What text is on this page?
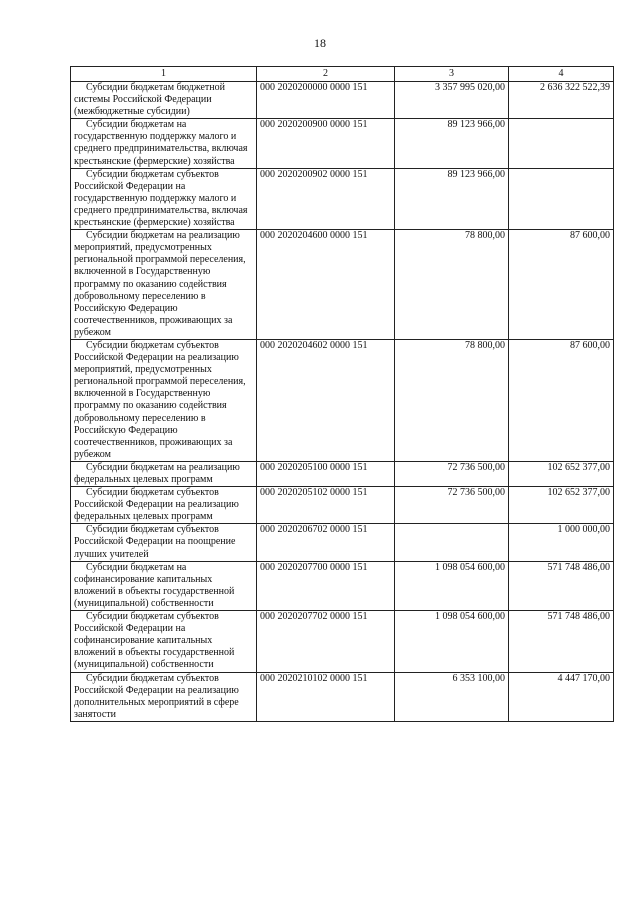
18
1	2	3	4
Субсидии бюджетам бюджетной системы Российской Федерации (межбюджетные субсидии)	000 2020200000 0000 151	3 357 995 020,00	2 636 322 522,39
Субсидии бюджетам на государственную поддержку малого и среднего предпринимательства, включая крестьянские (фермерские) хозяйства	000 2020200900 0000 151	89 123 966,00	
Субсидии бюджетам субъектов Российской Федерации на государственную поддержку малого и среднего предпринимательства, включая крестьянские (фермерские) хозяйства	000 2020200902 0000 151	89 123 966,00	
Субсидии бюджетам на реализацию мероприятий, предусмотренных региональной программой переселения, включенной в Государственную программу по оказанию содействия добровольному переселению в Российскую Федерацию соотечественников, проживающих за рубежом	000 2020204600 0000 151	78 800,00	87 600,00
Субсидии бюджетам субъектов Российской Федерации на реализацию мероприятий, предусмотренных региональной программой переселения, включенной в Государственную программу по оказанию содействия добровольному переселению в Российскую Федерацию соотечественников, проживающих за рубежом	000 2020204602 0000 151	78 800,00	87 600,00
Субсидии бюджетам на реализацию федеральных целевых программ	000 2020205100 0000 151	72 736 500,00	102 652 377,00
Субсидии бюджетам субъектов Российской Федерации на реализацию федеральных целевых программ	000 2020205102 0000 151	72 736 500,00	102 652 377,00
Субсидии бюджетам субъектов Российской Федерации на поощрение лучших учителей	000 2020206702 0000 151		1 000 000,00
Субсидии бюджетам на софинансирование капитальных вложений в объекты государственной (муниципальной) собственности	000 2020207700 0000 151	1 098 054 600,00	571 748 486,00
Субсидии бюджетам субъектов Российской Федерации на софинансирование капитальных вложений в объекты государственной (муниципальной) собственности	000 2020207702 0000 151	1 098 054 600,00	571 748 486,00
Субсидии бюджетам субъектов Российской Федерации на реализацию дополнительных мероприятий в сфере занятости	000 2020210102 0000 151	6 353 100,00	4 447 170,00
